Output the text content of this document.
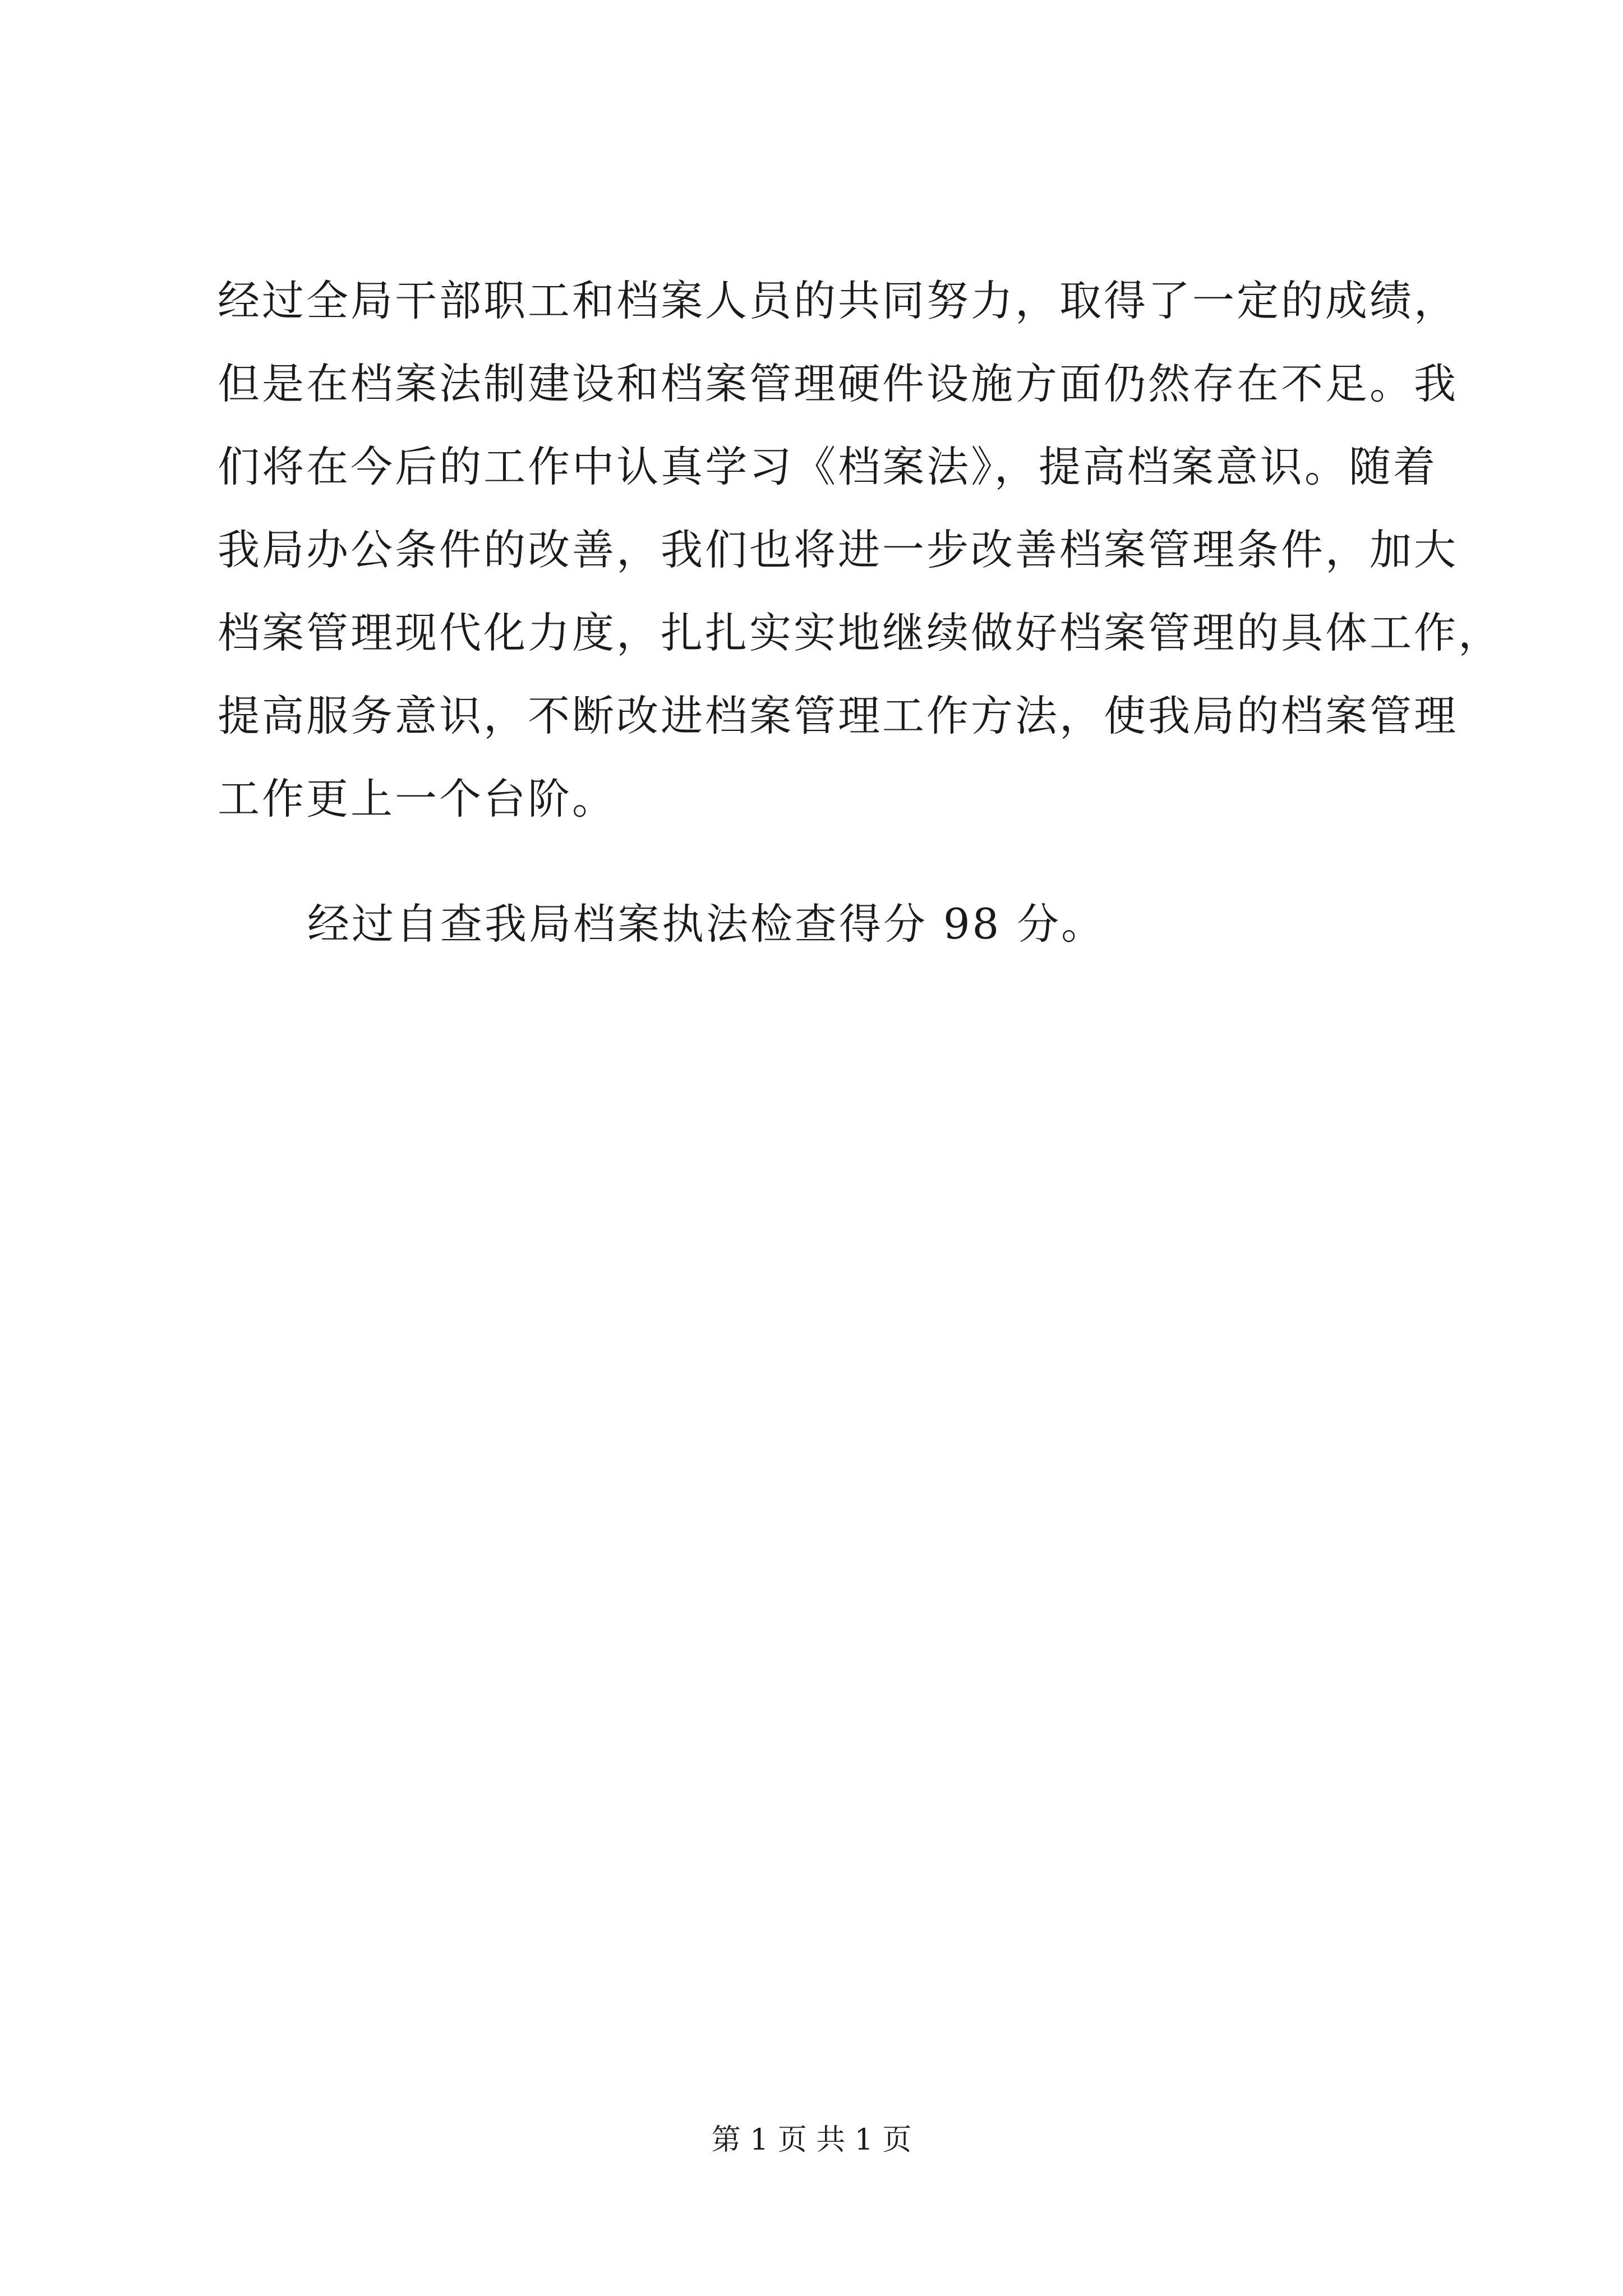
经过全局干部职工和档案人员的共同努力，取得了一定的成绩，
但是在档案法制建设和档案管理硬件设施方面仍然存在不足。我
们将在今后的工作中认真学习《档案法》，提高档案意识。随着
我局办公条件的改善，我们也将进一步改善档案管理条件，加大
档案管理现代化力度，扎扎实实地继续做好档案管理的具体工作，
提高服务意识，不断改进档案管理工作方法，使我局的档案管理
工作更上一个台阶。
经过自查我局档案执法检查得分 98 分。
第 1 页 共 1 页
